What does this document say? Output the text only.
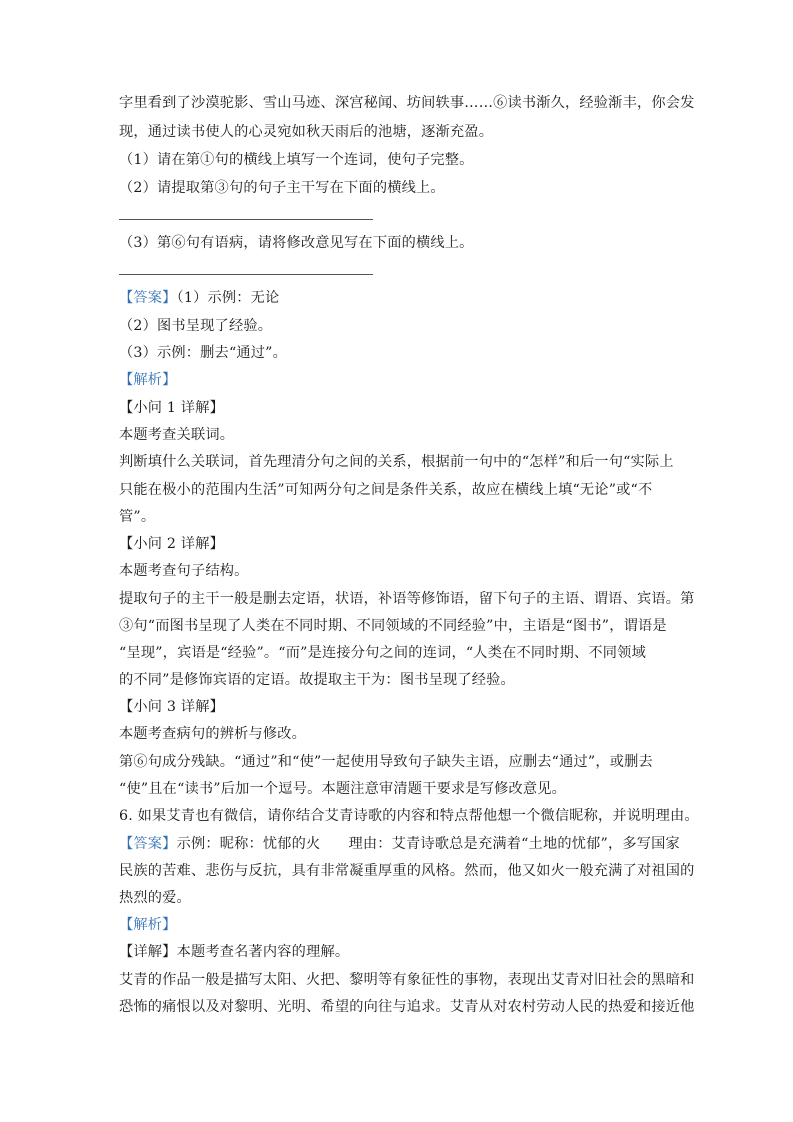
字里看到了沙漠驼影、雪山马迹、深宫秘闻、坊间轶事……⑥读书渐久，经验渐丰，你会发
现，通过读书使人的心灵宛如秋天雨后的池塘，逐渐充盈。
（1）请在第①句的横线上填写一个连词，使句子完整。
（2）请提取第③句的句子主干写在下面的横线上。
（3）第⑥句有语病，请将修改意见写在下面的横线上。
【答案】（1）示例：无论
（2）图书呈现了经验。
（3）示例：删去“通过”。
【解析】
【小问 1 详解】
本题考查关联词。
判断填什么关联词，首先理清分句之间的关系，根据前一句中的“怎样”和后一句“实际上
只能在极小的范围内生活”可知两分句之间是条件关系，故应在横线上填“无论”或“不
管”。
【小问 2 详解】
本题考查句子结构。
提取句子的主干一般是删去定语，状语，补语等修饰语，留下句子的主语、谓语、宾语。第
③句“而图书呈现了人类在不同时期、不同领域的不同经验”中，主语是“图书”，谓语是
“呈现”，宾语是“经验”。“而”是连接分句之间的连词，“人类在不同时期、不同领域
的不同”是修饰宾语的定语。故提取主干为：图书呈现了经验。
【小问 3 详解】
本题考查病句的辨析与修改。
第⑥句成分残缺。“通过”和“使”一起使用导致句子缺失主语，应删去“通过”，或删去
“使”且在“读书”后加一个逗号。本题注意审清题干要求是写修改意见。
6. 如果艾青也有微信，请你结合艾青诗歌的内容和特点帮他想一个微信昵称，并说明理由。
【答案】示例：昵称：忧郁的火 理由：艾青诗歌总是充满着“土地的忧郁”，多写国家
民族的苦难、悲伤与反抗，具有非常凝重厚重的风格。然而，他又如火一般充满了对祖国的
热烈的爱。
【解析】
【详解】本题考查名著内容的理解。
艾青的作品一般是描写太阳、火把、黎明等有象征性的事物，表现出艾青对旧社会的黑暗和
恐怖的痛恨以及对黎明、光明、希望的向往与追求。艾青从对农村劳动人民的热爱和接近他
